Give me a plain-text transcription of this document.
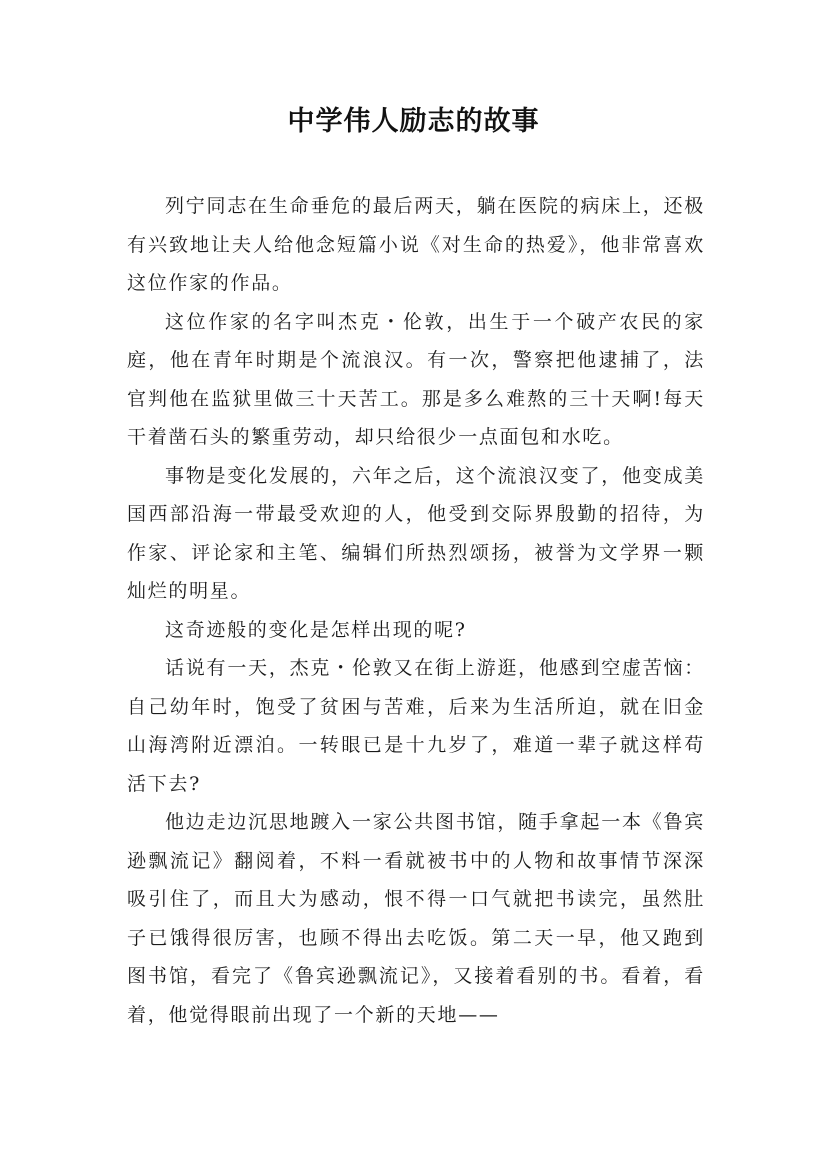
中学伟人励志的故事

列宁同志在生命垂危的最后两天，躺在医院的病床上，还极有兴致地让夫人给他念短篇小说《对生命的热爱》，他非常喜欢这位作家的作品。

这位作家的名字叫杰克・伦敦，出生于一个破产农民的家庭，他在青年时期是个流浪汉。有一次，警察把他逮捕了，法官判他在监狱里做三十天苦工。那是多么难熬的三十天啊!每天干着凿石头的繁重劳动，却只给很少一点面包和水吃。

事物是变化发展的，六年之后，这个流浪汉变了，他变成美国西部沿海一带最受欢迎的人，他受到交际界殷勤的招待，为作家、评论家和主笔、编辑们所热烈颂扬，被誉为文学界一颗灿烂的明星。

这奇迹般的变化是怎样出现的呢?

话说有一天，杰克・伦敦又在街上游逛，他感到空虚苦恼：自己幼年时，饱受了贫困与苦难，后来为生活所迫，就在旧金山海湾附近漂泊。一转眼已是十九岁了，难道一辈子就这样苟活下去?

他边走边沉思地踱入一家公共图书馆，随手拿起一本《鲁宾逊飘流记》翻阅着，不料一看就被书中的人物和故事情节深深吸引住了，而且大为感动，恨不得一口气就把书读完，虽然肚子已饿得很厉害，也顾不得出去吃饭。第二天一早，他又跑到图书馆，看完了《鲁宾逊飘流记》，又接着看别的书。看着，看着，他觉得眼前出现了一个新的天地——
